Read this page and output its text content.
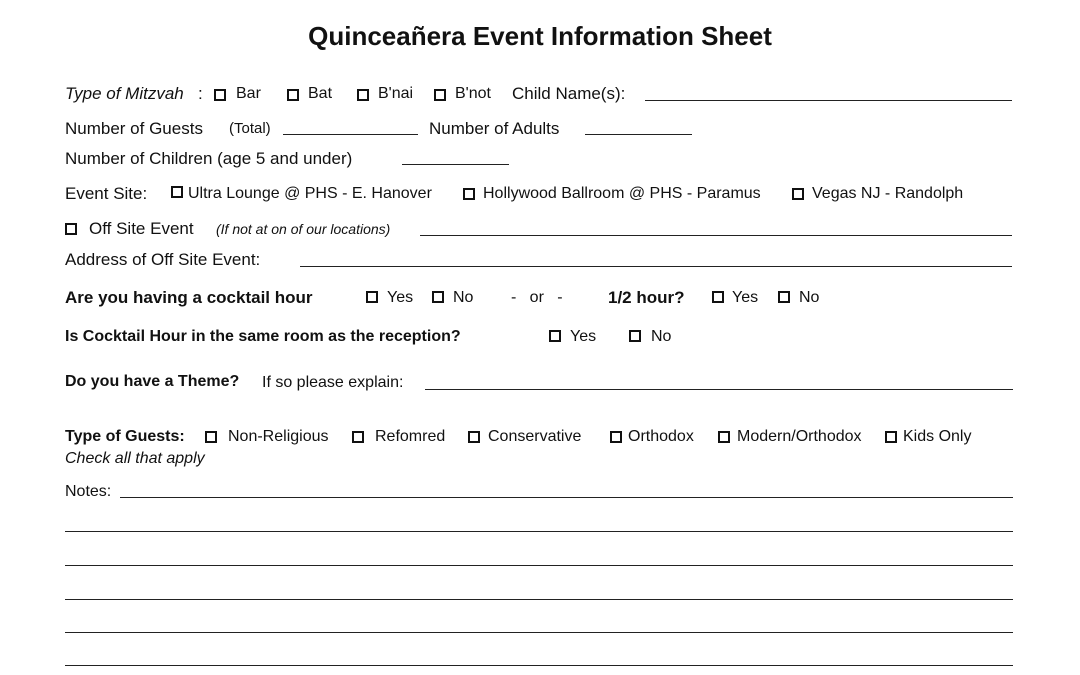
Quinceañera Event Information Sheet
Type of Mitzvah : Bar	Bat	B'nai	B'not Child Name(s):
Number of Guests (Total)	Number of Adults
Number of Children (age 5 and under)
Event Site:	Ultra Lounge @ PHS - E. Hanover	Hollywood Ballroom @ PHS - Paramus	Vegas NJ - Randolph
Off Site Event (If not at on of our locations)
Address of Off Site Event:
Are you having a cocktail hour	Yes No -   or   -	1/2 hour?	Yes	No
Is Cocktail Hour in the same room as the reception?	Yes	No
Do you have a Theme? If so please explain:
Type of Guests:	Non-Religious	Refomred	Conservative	Orthodox	Modern/Orthodox	Kids Only
Check all that apply
Notes:
